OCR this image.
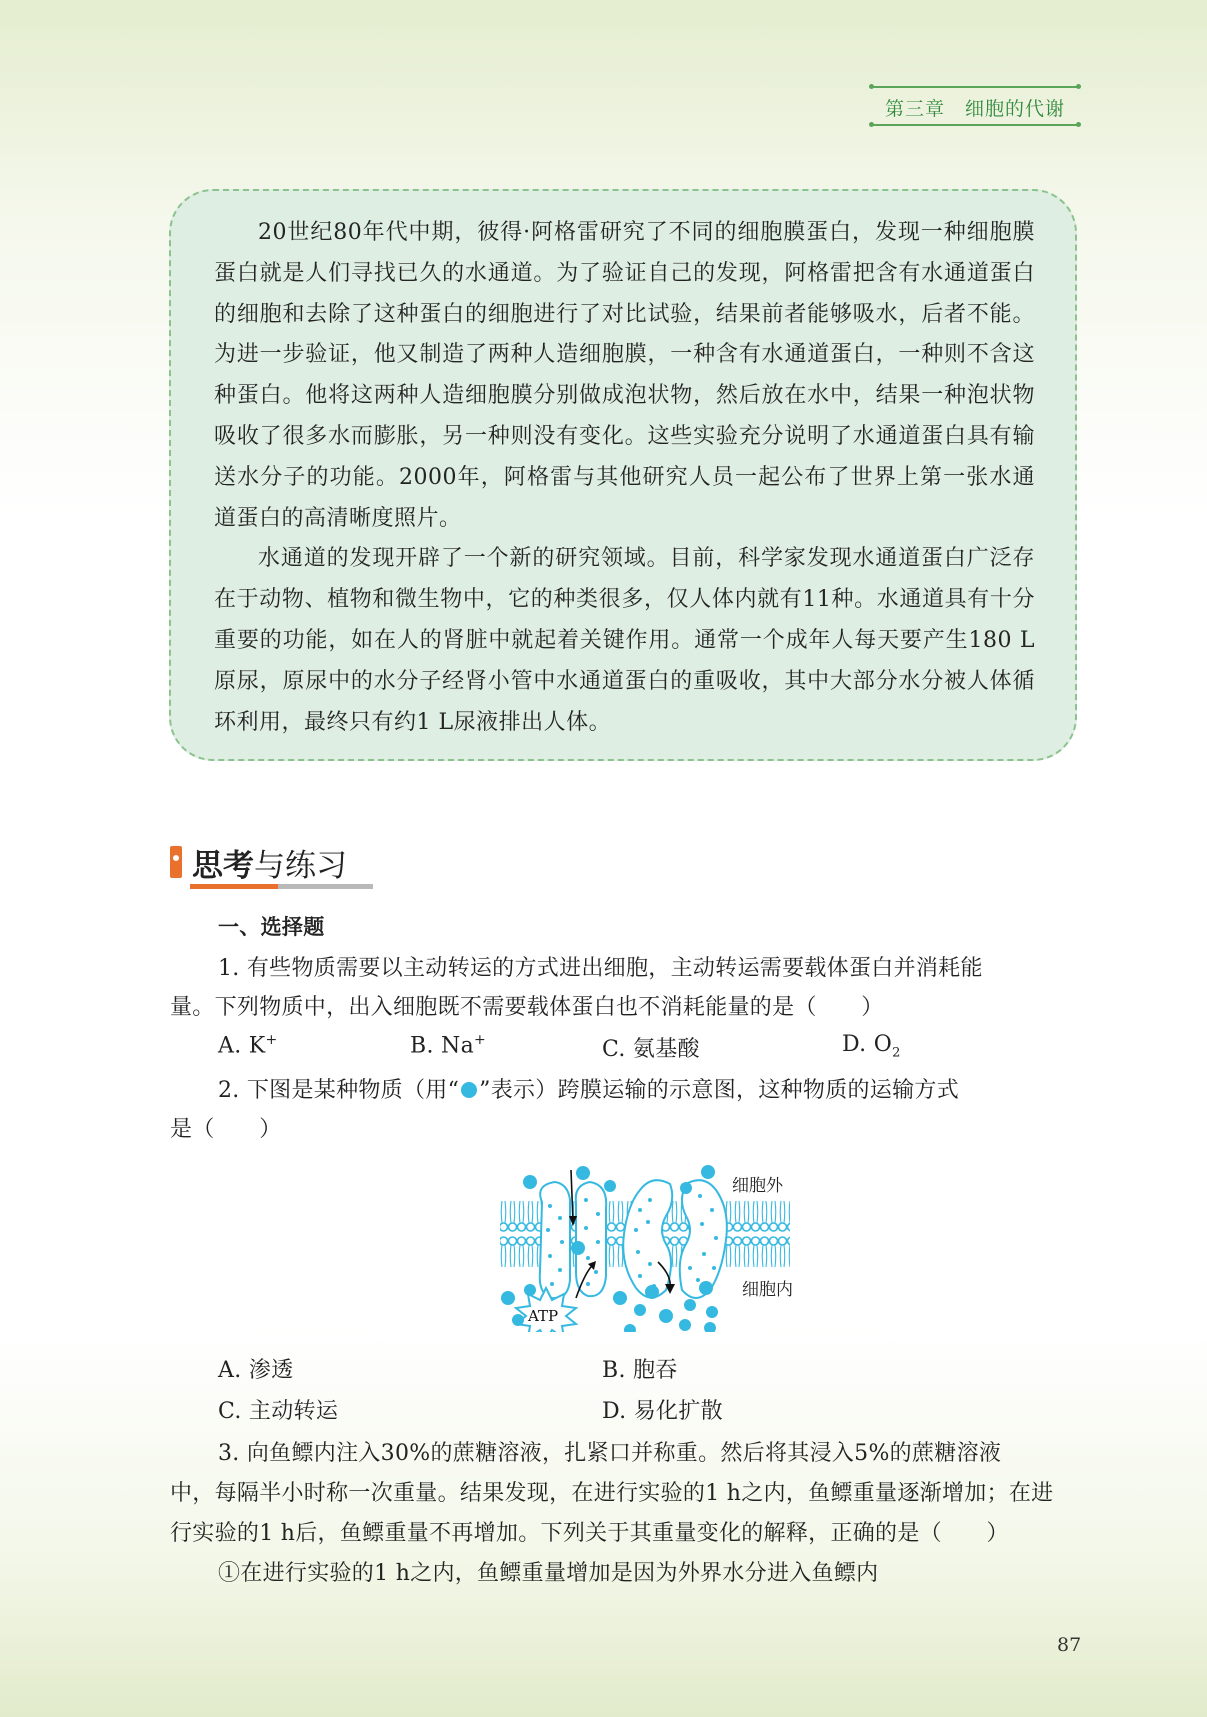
第三章　细胞的代谢

20世纪80年代中期，彼得·阿格雷研究了不同的细胞膜蛋白，发现一种细胞膜蛋白就是人们寻找已久的水通道。为了验证自己的发现，阿格雷把含有水通道蛋白的细胞和去除了这种蛋白的细胞进行了对比试验，结果前者能够吸水，后者不能。为进一步验证，他又制造了两种人造细胞膜，一种含有水通道蛋白，一种则不含这种蛋白。他将这两种人造细胞膜分别做成泡状物，然后放在水中，结果一种泡状物吸收了很多水而膨胀，另一种则没有变化。这些实验充分说明了水通道蛋白具有输送水分子的功能。2000年，阿格雷与其他研究人员一起公布了世界上第一张水通道蛋白的高清晰度照片。

水通道的发现开辟了一个新的研究领域。目前，科学家发现水通道蛋白广泛存在于动物、植物和微生物中，它的种类很多，仅人体内就有11种。水通道具有十分重要的功能，如在人的肾脏中就起着关键作用。通常一个成年人每天要产生180 L原尿，原尿中的水分子经肾小管中水通道蛋白的重吸收，其中大部分水分被人体循环利用，最终只有约1 L尿液排出人体。

思考与练习
一、选择题
1. 有些物质需要以主动转运的方式进出细胞，主动转运需要载体蛋白并消耗能
量。下列物质中，出入细胞既不需要载体蛋白也不消耗能量的是（　　）
A. K+	B. Na+	C. 氨基酸	D. $O_2$
2. 下图是某种物质（用“ ”表示）跨膜运输的示意图，这种物质的运输方式
是（　　）
ATP
细胞外
细胞内
A. 渗透	B. 胞吞
C. 主动转运	D. 易化扩散
3. 向鱼鳔内注入30%的蔗糖溶液，扎紧口并称重。然后将其浸入5%的蔗糖溶液
中，每隔半小时称一次重量。结果发现，在进行实验的1 h之内，鱼鳔重量逐渐增加；在进
行实验的1 h后，鱼鳔重量不再增加。下列关于其重量变化的解释，正确的是（　　）
①在进行实验的1 h之内，鱼鳔重量增加是因为外界水分进入鱼鳔内
87
